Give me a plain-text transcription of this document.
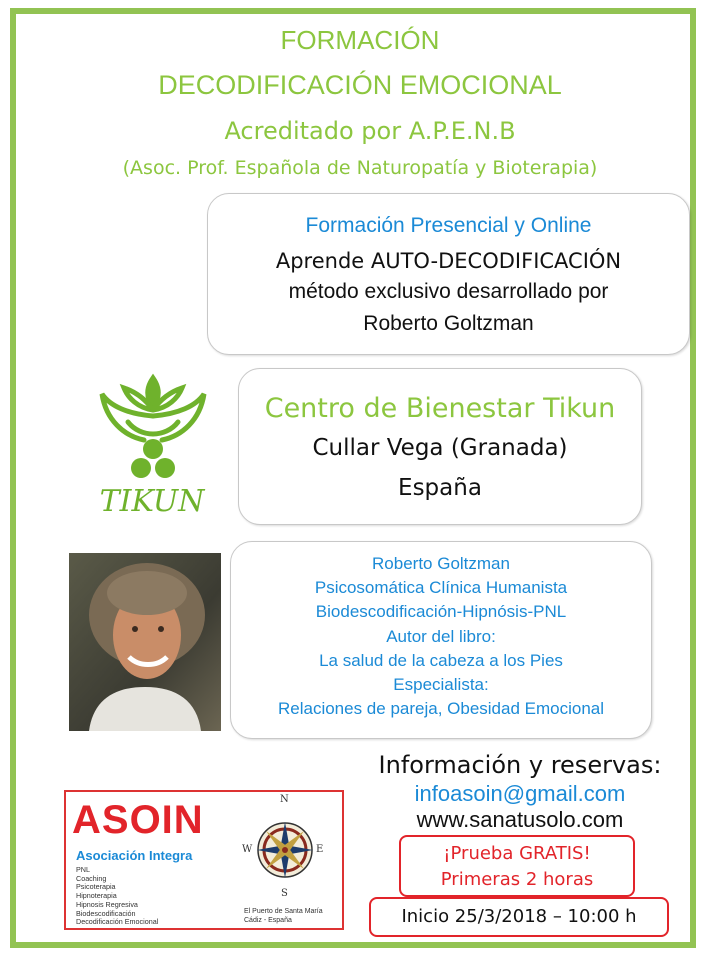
FORMACIÓN
DECODIFICACIÓN EMOCIONAL
Acreditado por A.P.E.N.B
(Asoc. Prof. Española de Naturopatía y Bioterapia)
Formación Presencial y Online
Aprende AUTO-DECODIFICACIÓN
método exclusivo desarrollado por
Roberto Goltzman
TIKUN
Centro de Bienestar Tikun
Cullar Vega (Granada)
España
Roberto Goltzman
Psicosomática Clínica Humanista
Biodescodificación-Hipnósis-PNL
Autor del libro:
La salud de la cabeza a los Pies
Especialista:
Relaciones de pareja, Obesidad Emocional
Información y reservas:
infoasoin@gmail.com
www.sanatusolo.com
¡Prueba GRATIS!
Primeras 2 horas
Inicio 25/3/2018 – 10:00 h
ASOIN
Asociación Integra
PNL
Coaching
Psicoterapia
Hipnoterapia
Hipnosis Regresiva
Biodescodificación
Decodificación Emocional
N
S
W	E
El Puerto de Santa María
Cádiz - España
